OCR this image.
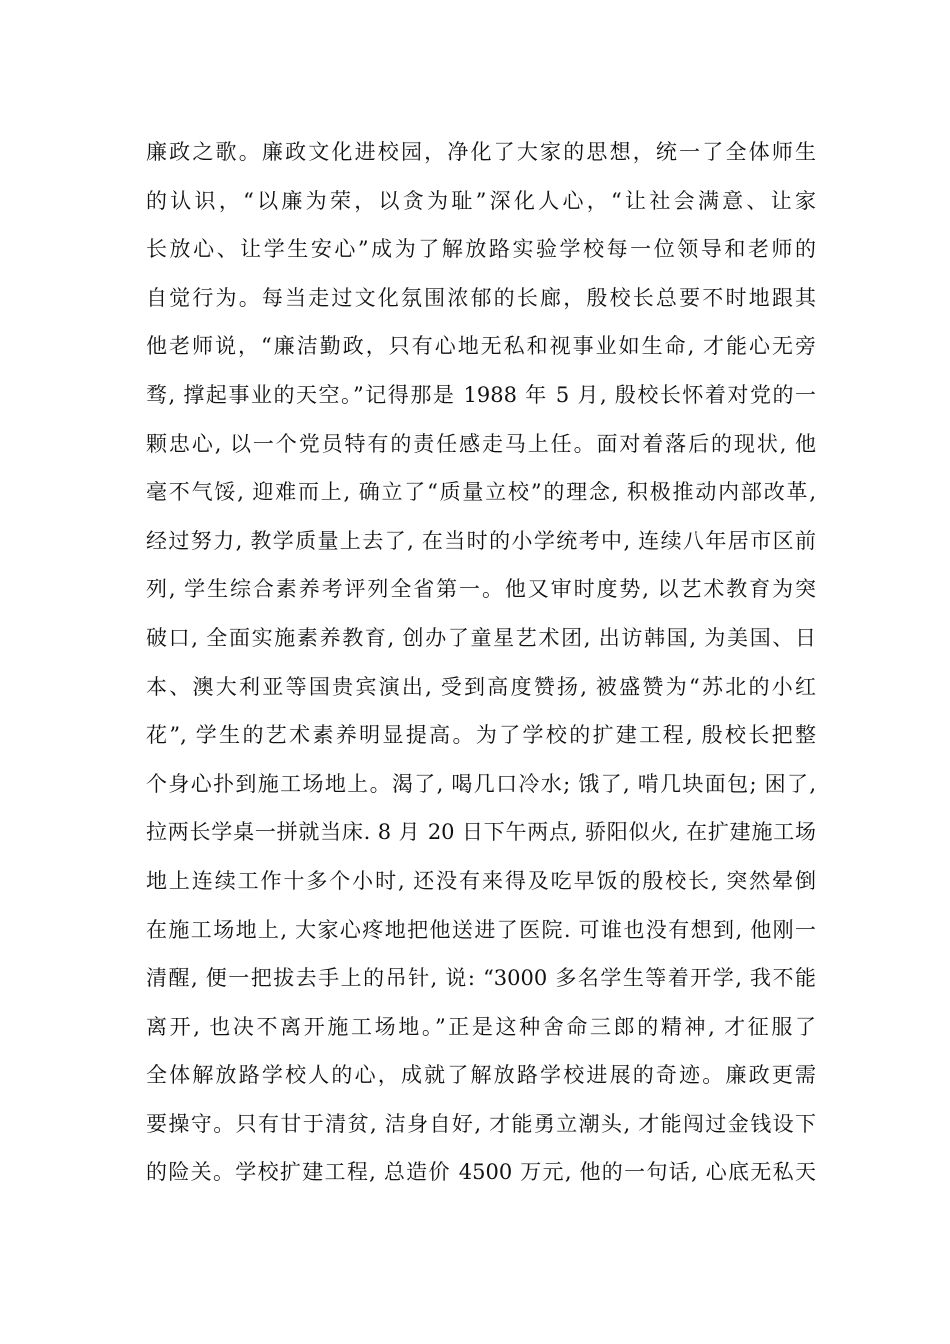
廉政之歌。廉政文化进校园，净化了大家的思想，统一了全体师生
的认识，“以廉为荣，以贪为耻”深化人心，“让社会满意、让家
长放心、让学生安心”成为了解放路实验学校每一位领导和老师的
自觉行为。每当走过文化氛围浓郁的长廊，殷校长总要不时地跟其
他老师说，“廉洁勤政，只有心地无私和视事业如生命, 才能心无旁
骛, 撑起事业的天空。”记得那是 1988 年 5 月, 殷校长怀着对党的一
颗忠心, 以一个党员特有的责任感走马上任。面对着落后的现状, 他
毫不气馁, 迎难而上, 确立了“质量立校”的理念, 积极推动内部改革,
经过努力, 教学质量上去了, 在当时的小学统考中, 连续八年居市区前
列, 学生综合素养考评列全省第一。他又审时度势, 以艺术教育为突
破口, 全面实施素养教育, 创办了童星艺术团, 出访韩国, 为美国、日
本、澳大利亚等国贵宾演出, 受到高度赞扬, 被盛赞为“苏北的小红
花”, 学生的艺术素养明显提高。为了学校的扩建工程, 殷校长把整
个身心扑到施工场地上。渴了, 喝几口冷水; 饿了, 啃几块面包; 困了,
拉两长学桌一拼就当床. 8 月 20 日下午两点, 骄阳似火, 在扩建施工场
地上连续工作十多个小时, 还没有来得及吃早饭的殷校长, 突然晕倒
在施工场地上, 大家心疼地把他送进了医院. 可谁也没有想到, 他刚一
清醒, 便一把拔去手上的吊针, 说: “3000 多名学生等着开学, 我不能
离开, 也决不离开施工场地。”正是这种舍命三郎的精神, 才征服了
全体解放路学校人的心，成就了解放路学校进展的奇迹。廉政更需
要操守。只有甘于清贫, 洁身自好, 才能勇立潮头, 才能闯过金钱设下
的险关。学校扩建工程, 总造价 4500 万元, 他的一句话, 心底无私天
